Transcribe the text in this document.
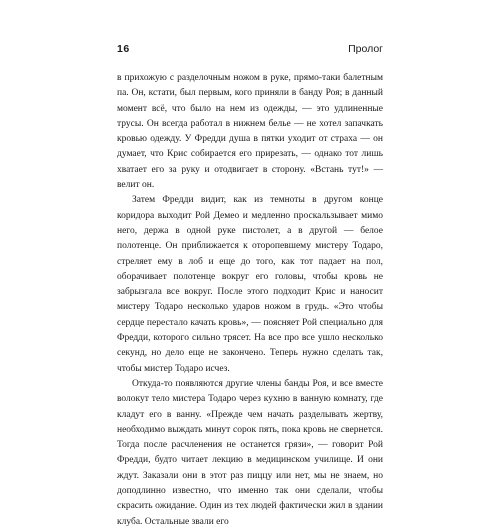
16	Пролог

в прихожую с разделочным ножом в руке, прямо-таки балетным па. Он, кстати, был первым, кого приняли в банду Роя; в данный момент всё, что было на нем из одежды, — это удлиненные трусы. Он всегда работал в нижнем белье — не хотел запачкать кровью одежду. У Фредди душа в пятки уходит от страха — он думает, что Крис собирается его прирезать, — однако тот лишь хватает его за руку и отодвигает в сторону. «Встань тут!» — велит он.

Затем Фредди видит, как из темноты в другом конце коридора выходит Рой Демео и медленно проскальзывает мимо него, держа в одной руке пистолет, а в другой — белое полотенце. Он приближается к оторопевшему мистеру Тодаро, стреляет ему в лоб и еще до того, как тот падает на пол, оборачивает полотенце вокруг его головы, чтобы кровь не забрызгала все вокруг. После этого подходит Крис и наносит мистеру Тодаро несколько ударов ножом в грудь. «Это чтобы сердце перестало качать кровь», — поясняет Рой специально для Фредди, которого сильно трясет. На все про все ушло несколько секунд, но дело еще не закончено. Теперь нужно сделать так, чтобы мистер Тодаро исчез.

Откуда-то появляются другие члены банды Роя, и все вместе волокут тело мистера Тодаро через кухню в ванную комнату, где кладут его в ванну. «Прежде чем начать разделывать жертву, необходимо выждать минут сорок пять, пока кровь не свернется. Тогда после расчленения не останется грязи», — говорит Рой Фредди, будто читает лекцию в медицинском училище. И они ждут. Заказали они в этот раз пиццу или нет, мы не знаем, но доподлинно известно, что именно так они сделали, чтобы скрасить ожидание. Один из тех людей фактически жил в здании клуба. Остальные звали его
